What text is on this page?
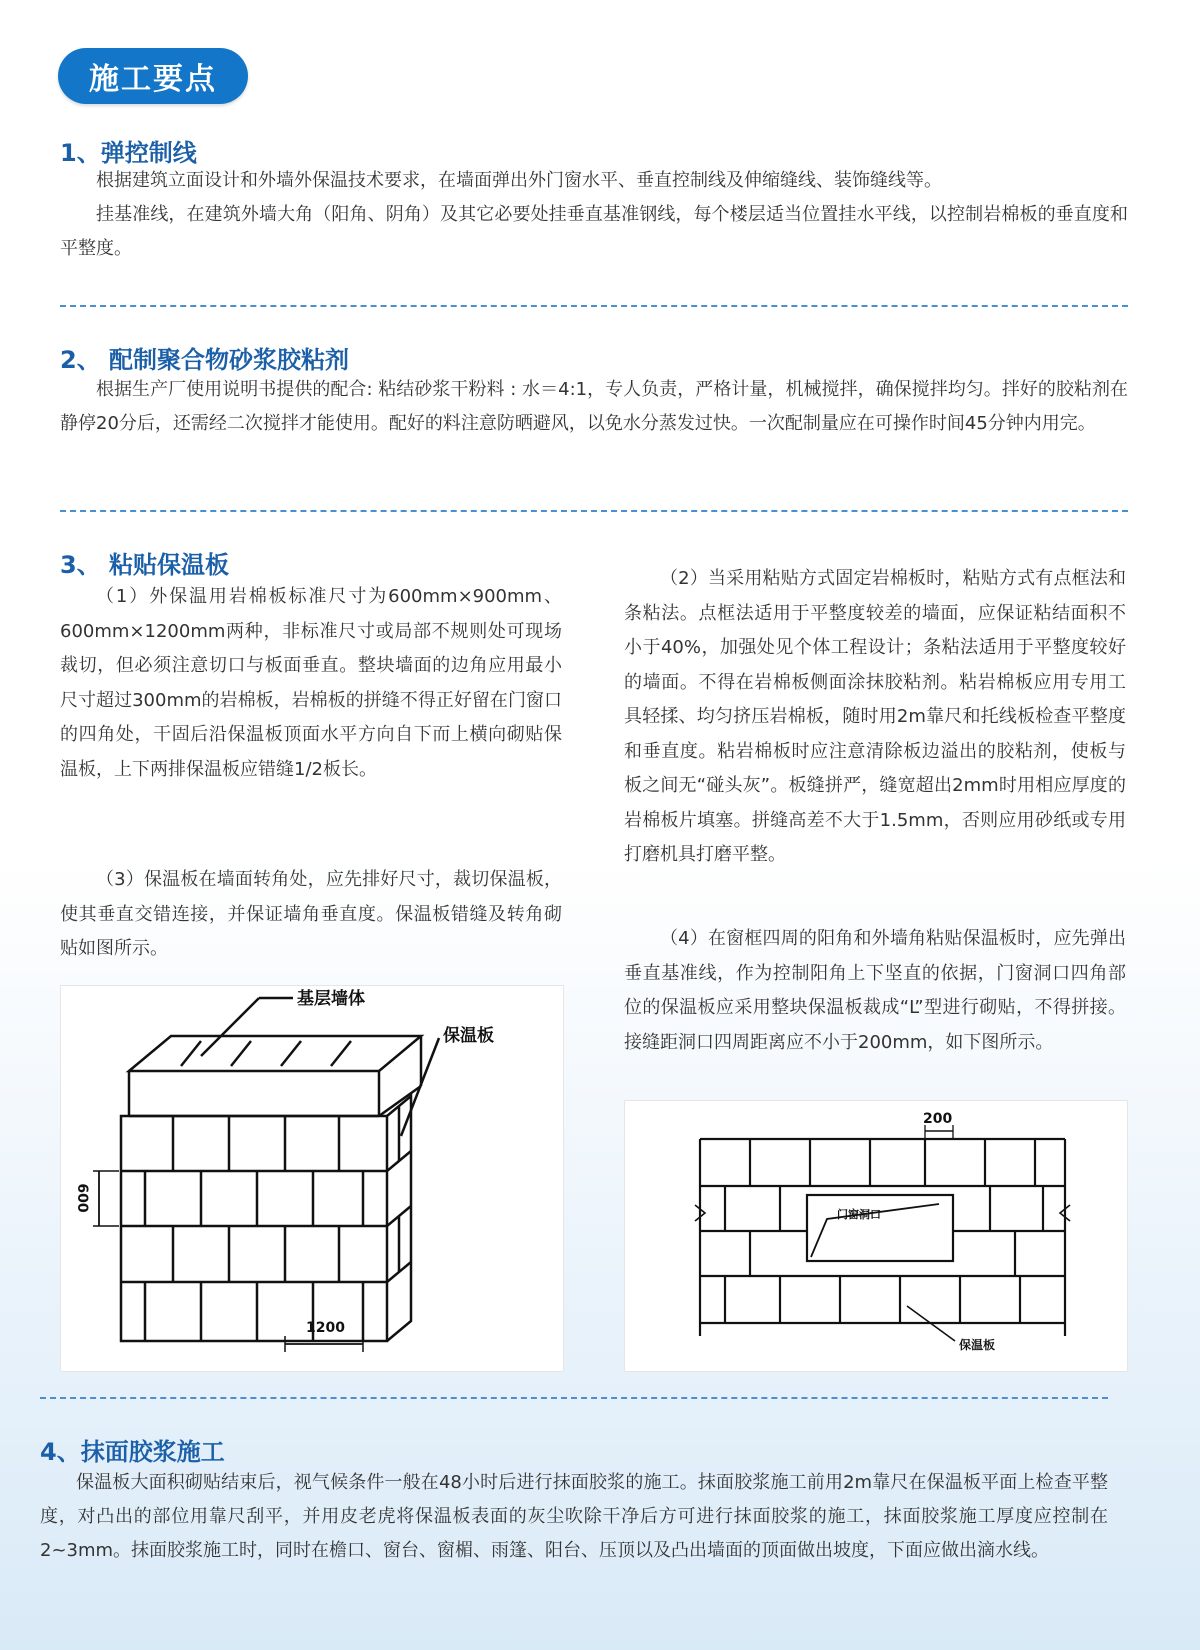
施工要点
1、弹控制线

根据建筑立面设计和外墙外保温技术要求，在墙面弹出外门窗水平、垂直控制线及伸缩缝线、装饰缝线等。

挂基准线，在建筑外墙大角（阳角、阴角）及其它必要处挂垂直基准钢线，每个楼层适当位置挂水平线，以控制岩棉板的垂直度和平整度。

2、 配制聚合物砂浆胶粘剂

根据生产厂使用说明书提供的配合: 粘结砂浆干粉料 : 水＝4:1，专人负责，严格计量，机械搅拌，确保搅拌均匀。拌好的胶粘剂在静停20分后，还需经二次搅拌才能使用。配好的料注意防晒避风，以免水分蒸发过快。一次配制量应在可操作时间45分钟内用完。

3、 粘贴保温板

（1）外保温用岩棉板标准尺寸为600mm×900mm、600mm×1200mm两种，非标准尺寸或局部不规则处可现场裁切，但必须注意切口与板面垂直。整块墙面的边角应用最小尺寸超过300mm的岩棉板，岩棉板的拼缝不得正好留在门窗口的四角处，干固后沿保温板顶面水平方向自下而上横向砌贴保温板，上下两排保温板应错缝1/2板长。

（3）保温板在墙面转角处，应先排好尺寸，裁切保温板，使其垂直交错连接，并保证墙角垂直度。保温板错缝及转角砌贴如图所示。

（2）当采用粘贴方式固定岩棉板时，粘贴方式有点框法和条粘法。点框法适用于平整度较差的墙面，应保证粘结面积不小于40%，加强处见个体工程设计；条粘法适用于平整度较好的墙面。不得在岩棉板侧面涂抹胶粘剂。粘岩棉板应用专用工具轻揉、均匀挤压岩棉板，随时用2m靠尺和托线板检查平整度和垂直度。粘岩棉板时应注意清除板边溢出的胶粘剂，使板与板之间无“碰头灰”。板缝拼严，缝宽超出2mm时用相应厚度的岩棉板片填塞。拼缝高差不大于1.5mm，否则应用砂纸或专用打磨机具打磨平整。

（4）在窗框四周的阳角和外墙角粘贴保温板时，应先弹出垂直基准线，作为控制阳角上下坚直的依据，门窗洞口四角部位的保温板应采用整块保温板裁成“L”型进行砌贴，不得拼接。接缝距洞口四周距离应不小于200mm，如下图所示。

基层墙体
保温板
600
1200
200
门窗洞口
保温板
4、抹面胶浆施工

保温板大面积砌贴结束后，视气候条件一般在48小时后进行抹面胶浆的施工。抹面胶浆施工前用2m靠尺在保温板平面上检查平整度，对凸出的部位用靠尺刮平，并用皮老虎将保温板表面的灰尘吹除干净后方可进行抹面胶浆的施工，抹面胶浆施工厚度应控制在2~3mm。抹面胶浆施工时，同时在檐口、窗台、窗楣、雨篷、阳台、压顶以及凸出墙面的顶面做出坡度，下面应做出滴水线。
